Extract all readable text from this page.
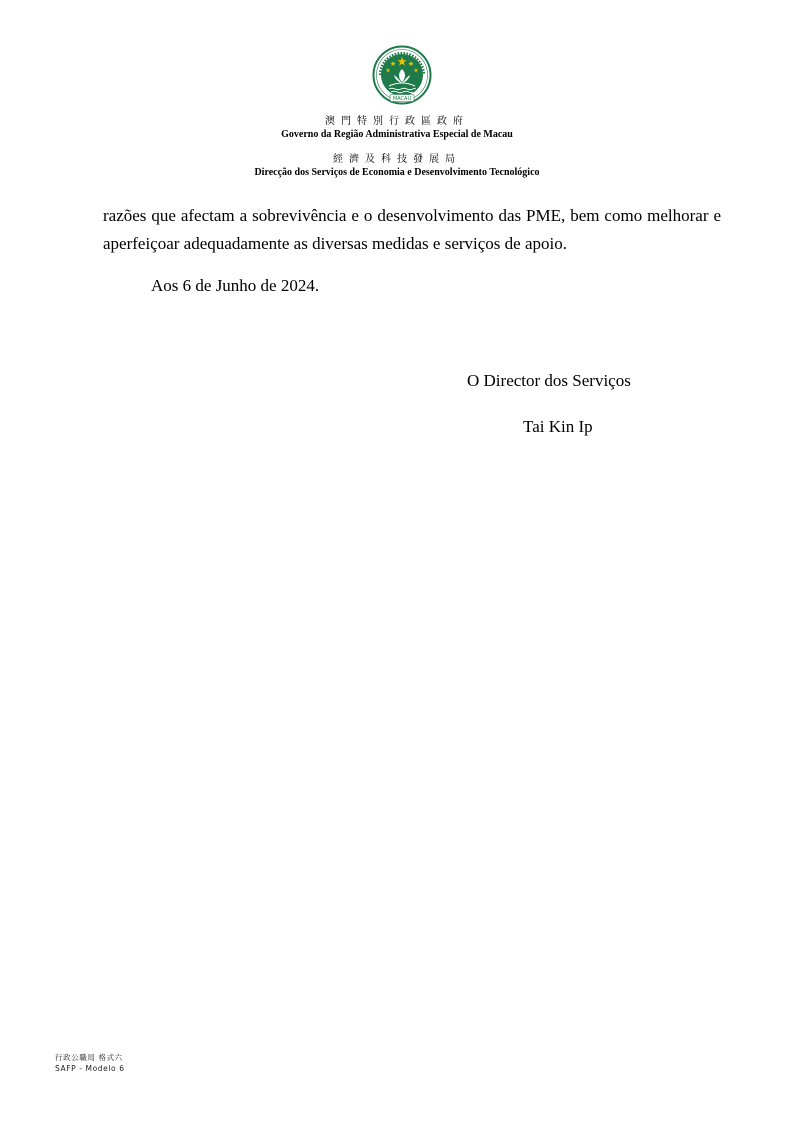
MACAU
澳門特別行政區政府
Governo da Região Administrativa Especial de Macau
經濟及科技發展局
Direcção dos Serviços de Economia e Desenvolvimento Tecnológico

razões que afectam a sobrevivência e o desenvolvimento das PME, bem como melhorar e aperfeiçoar adequadamente as diversas medidas e serviços de apoio.

Aos 6 de Junho de 2024.
O Director dos Serviços
Tai Kin Ip
行政公職局 格式六
SAFP - Modelo 6
